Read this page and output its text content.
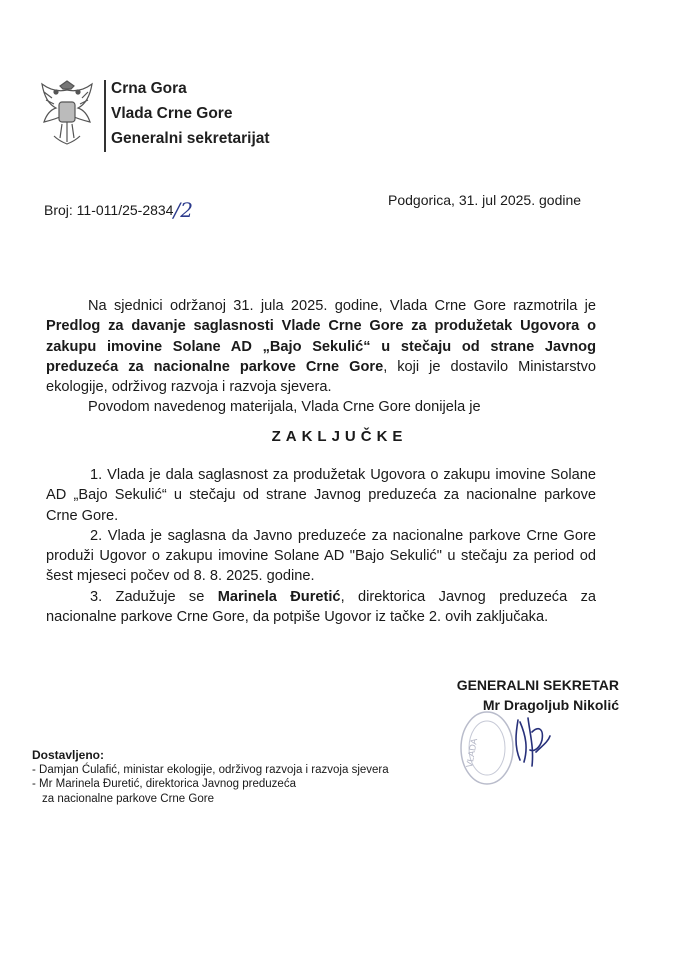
Crna Gora
Vlada Crne Gore
Generalni sekretarijat
Broj: 11-011/25-2834/2	Podgorica, 31. jul 2025. godine
Na sjednici održanoj 31. jula 2025. godine, Vlada Crne Gore razmotrila je Predlog za davanje saglasnosti Vlade Crne Gore za produžetak Ugovora o zakupu imovine Solane AD „Bajo Sekulić“ u stečaju od strane Javnog preduzeća za nacionalne parkove Crne Gore, koji je dostavilo Ministarstvo ekologije, održivog razvoja i razvoja sjevera.
Povodom navedenog materijala, Vlada Crne Gore donijela je
ZAKLJUČKE

1. Vlada je dala saglasnost za produžetak Ugovora o zakupu imovine Solane AD „Bajo Sekulić“ u stečaju od strane Javnog preduzeća za nacionalne parkove Crne Gore.

2. Vlada je saglasna da Javno preduzeće za nacionalne parkove Crne Gore produži Ugovor o zakupu imovine Solane AD "Bajo Sekulić" u stečaju za period od šest mjeseci počev od 8. 8. 2025. godine.

3. Zadužuje se Marinela Đuretić, direktorica Javnog preduzeća za nacionalne parkove Crne Gore, da potpiše Ugovor iz tačke 2. ovih zaključaka.

GENERALNI SEKRETAR
Mr Dragoljub Nikolić
VLADA
Dostavljeno:
- Damjan Ćulafić, ministar ekologije, održivog razvoja i razvoja sjevera
- Mr Marinela Đuretić, direktorica Javnog preduzeća
za nacionalne parkove Crne Gore
